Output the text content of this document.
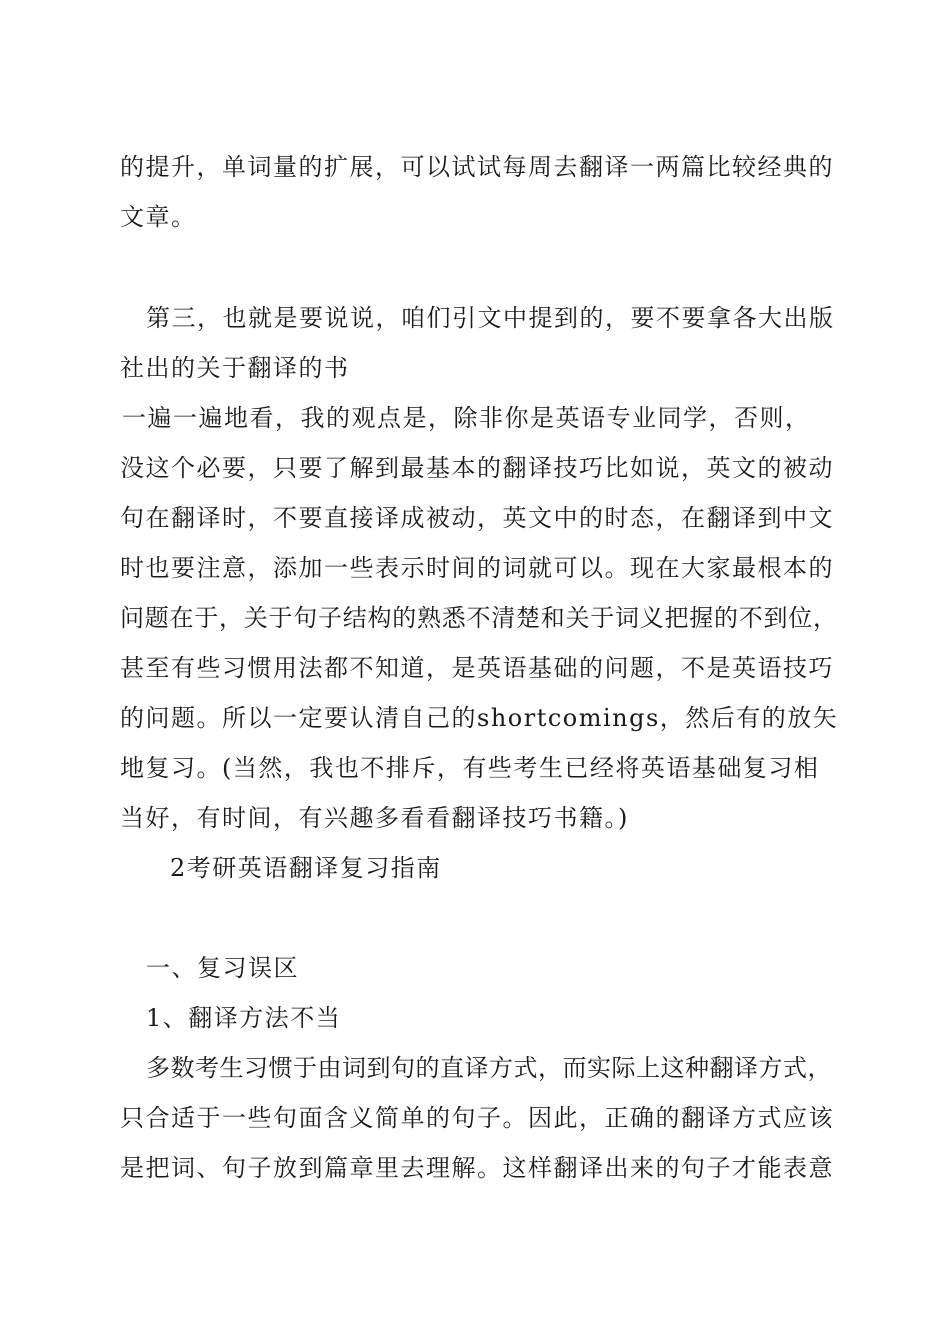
的提升，单词量的扩展，可以试试每周去翻译一两篇比较经典的
文章。
第三，也就是要说说，咱们引文中提到的，要不要拿各大出版
社出的关于翻译的书
一遍一遍地看，我的观点是，除非你是英语专业同学，否则，
没这个必要，只要了解到最基本的翻译技巧比如说，英文的被动
句在翻译时，不要直接译成被动，英文中的时态，在翻译到中文
时也要注意，添加一些表示时间的词就可以。现在大家最根本的
问题在于，关于句子结构的熟悉不清楚和关于词义把握的不到位，
甚至有些习惯用法都不知道，是英语基础的问题，不是英语技巧
的问题。所以一定要认清自己的shortcomings，然后有的放矢
地复习。(当然，我也不排斥，有些考生已经将英语基础复习相
当好，有时间，有兴趣多看看翻译技巧书籍。)
2考研英语翻译复习指南
一、复习误区
1、翻译方法不当
多数考生习惯于由词到句的直译方式，而实际上这种翻译方式，
只合适于一些句面含义简单的句子。因此，正确的翻译方式应该
是把词、句子放到篇章里去理解。这样翻译出来的句子才能表意
